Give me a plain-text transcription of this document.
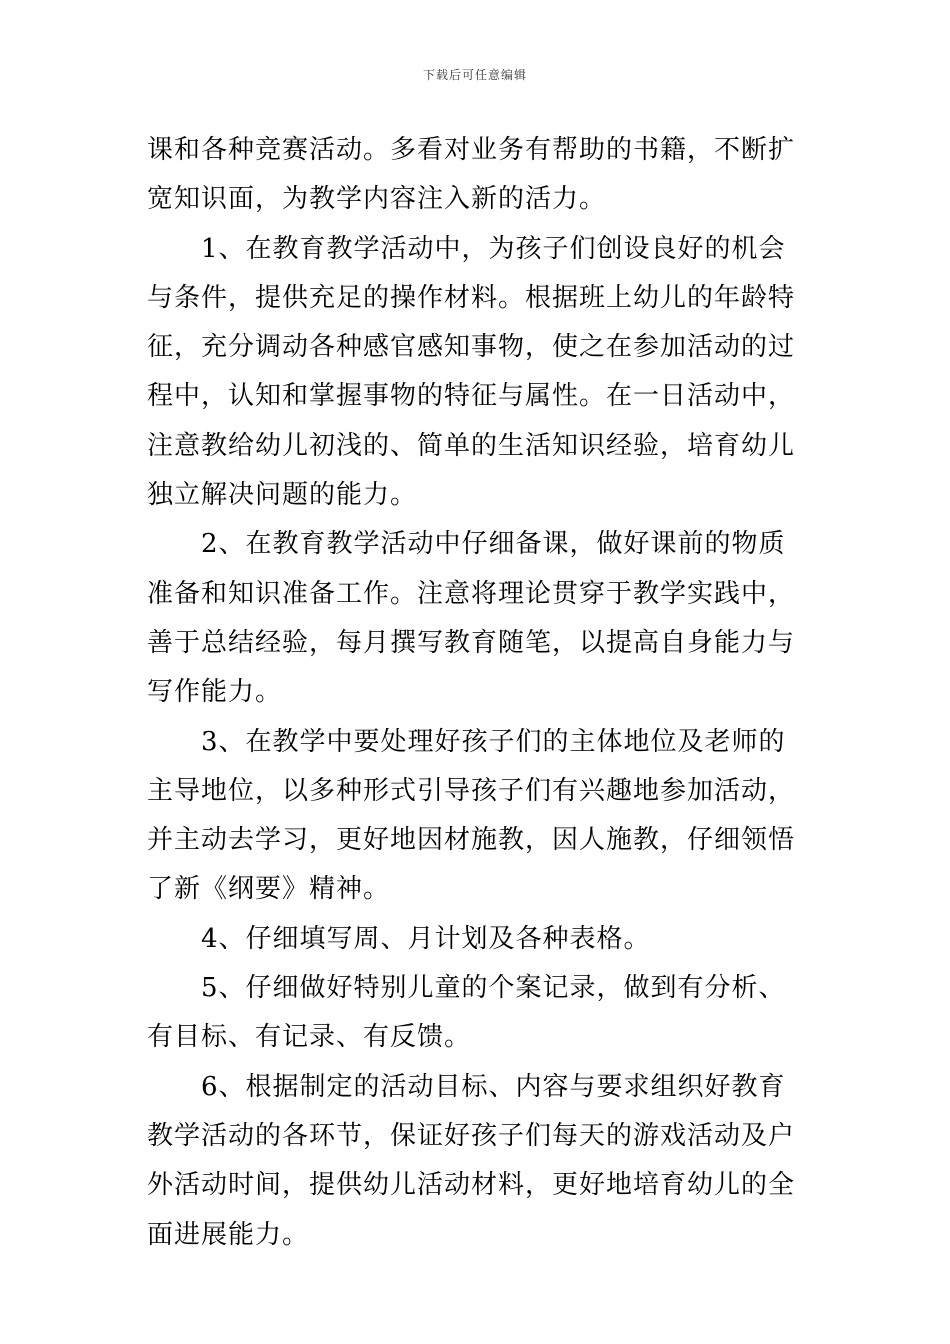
下载后可任意编辑

课和各种竞赛活动。多看对业务有帮助的书籍，不断扩宽知识面，为教学内容注入新的活力。

1、在教育教学活动中，为孩子们创设良好的机会与条件，提供充足的操作材料。根据班上幼儿的年龄特征，充分调动各种感官感知事物，使之在参加活动的过程中，认知和掌握事物的特征与属性。在一日活动中，注意教给幼儿初浅的、简单的生活知识经验，培育幼儿独立解决问题的能力。

2、在教育教学活动中仔细备课，做好课前的物质准备和知识准备工作。注意将理论贯穿于教学实践中，善于总结经验，每月撰写教育随笔，以提高自身能力与写作能力。

3、在教学中要处理好孩子们的主体地位及老师的主导地位，以多种形式引导孩子们有兴趣地参加活动，并主动去学习，更好地因材施教，因人施教，仔细领悟了新《纲要》精神。

4、仔细填写周、月计划及各种表格。

5、仔细做好特别儿童的个案记录，做到有分析、有目标、有记录、有反馈。

6、根据制定的活动目标、内容与要求组织好教育教学活动的各环节，保证好孩子们每天的游戏活动及户外活动时间，提供幼儿活动材料，更好地培育幼儿的全面进展能力。
